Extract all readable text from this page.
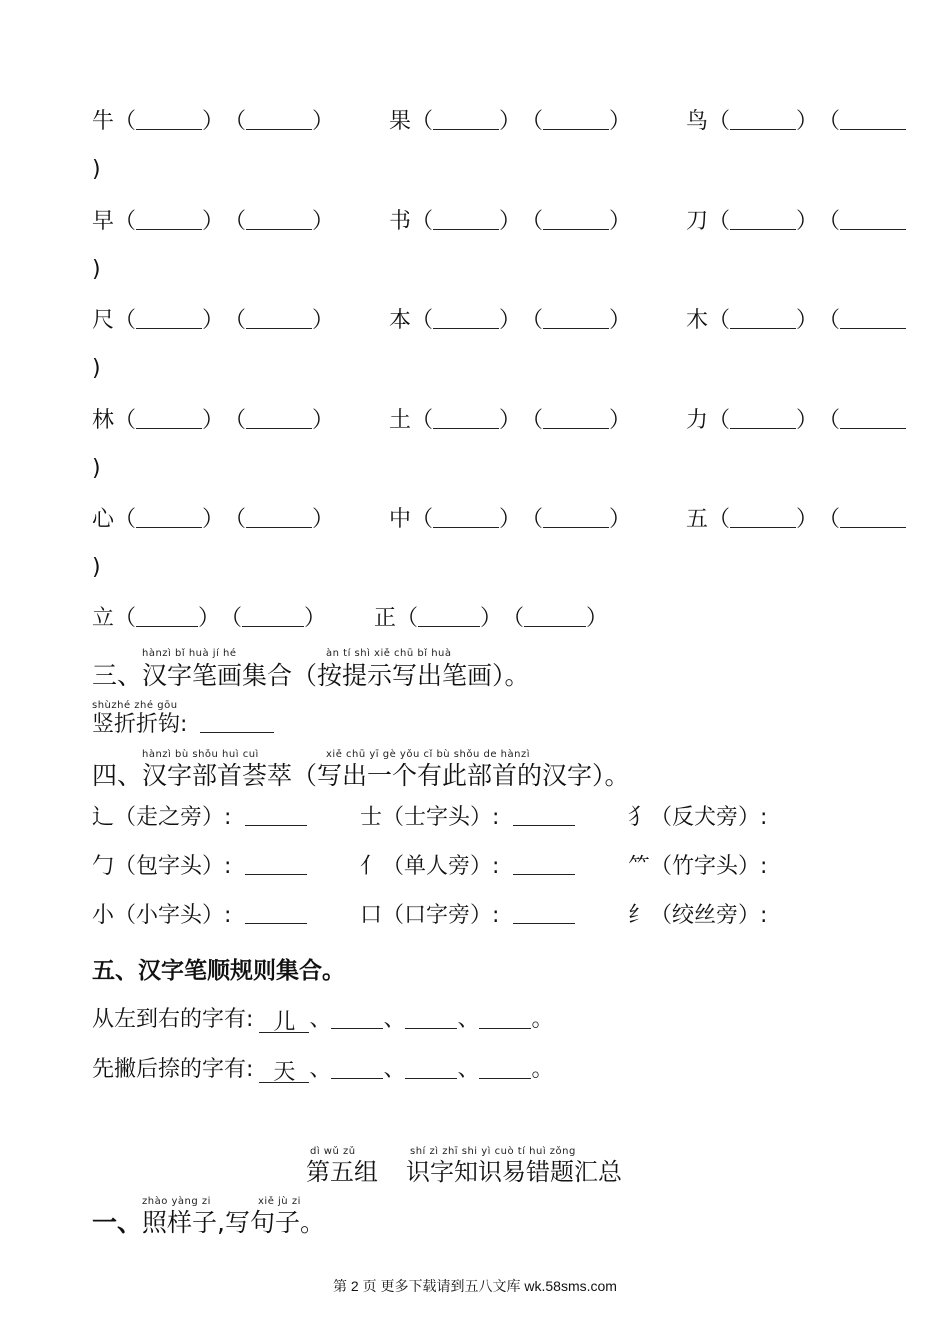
牛（	）（	） 果（	）（	） 鸟（	）（
)
早（	）（	） 书（	）（	） 刀（	）（
)
尺（	）（	） 本（	）（	） 木（	）（
)
林（	）（	） 土（	）（	） 力（	）（
)
心（	）（	） 中（	）（	） 五（	）（
)
立（	）（	） 正（	）（	）
hànzì bǐ huà jí hé	àn tí shì xiě chū bǐ huà
三、汉字笔画集合（按提示写出笔画）。
shùzhé zhé gōu
竖折折钩:
hànzì bù shǒu huì cuì	xiě chū yī gè yǒu cǐ bù shǒu de hànzì
四、汉字部首荟萃（写出一个有此部首的汉字）。
辶（走之旁）:	士（士字头）:	犭（反犬旁）:
勹（包字头）:	亻（单人旁）:	⺮（竹字头）:
小（小字头）:	口（口字旁）:	纟（绞丝旁）:
五、汉字笔顺规则集合。
从左到右的字有: 儿 、 、 、 。
先撇后捺的字有: 天 、 、 、 。
dì wǔ zǔ	shí zì zhī shi yì cuò tí huì zǒng
第五组 识字知识易错题汇总
zhào yàng zi	xiě jù zi
一、照样子,写句子。
第 2 页 更多下载请到五八文库 wk.58sms.com
